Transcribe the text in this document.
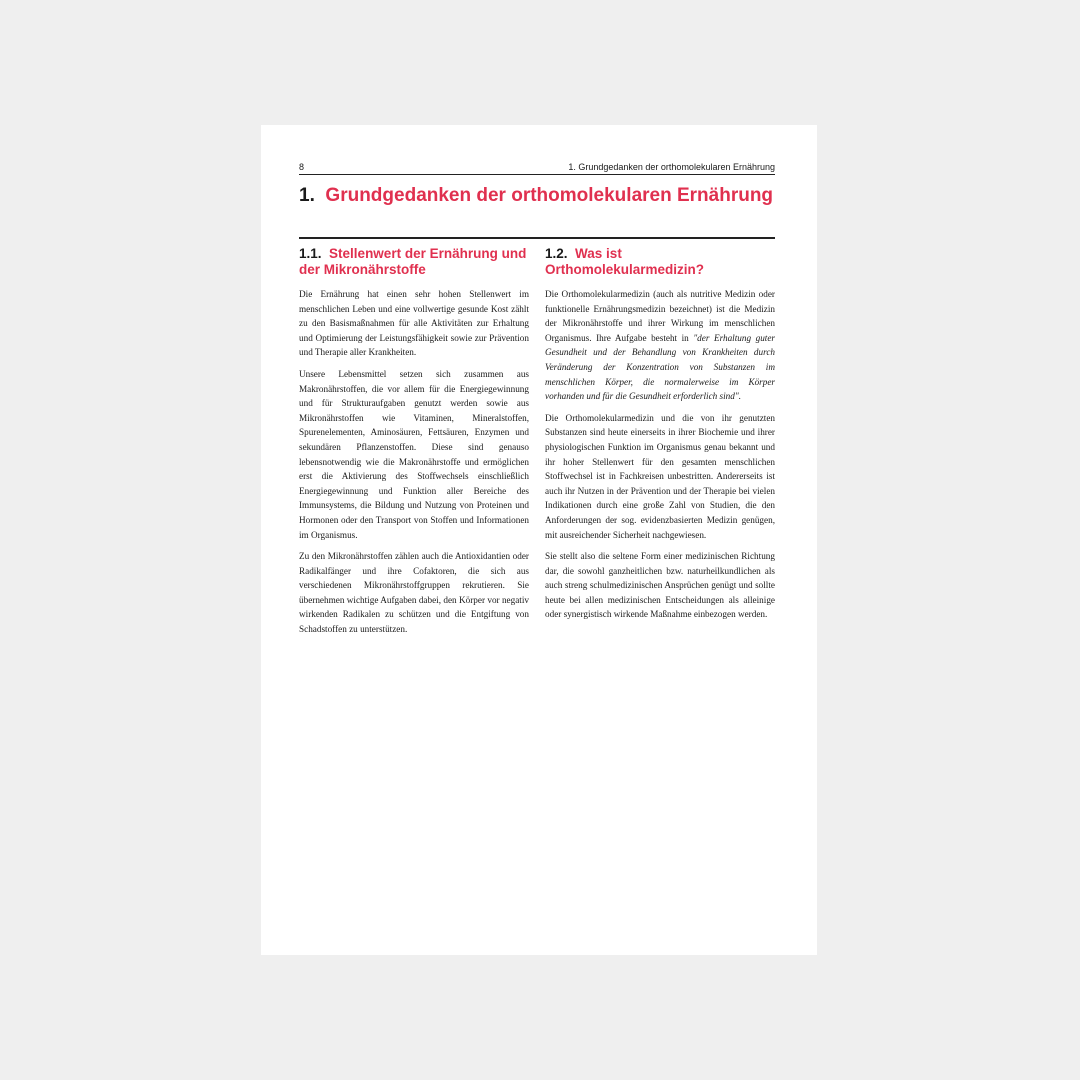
8	1. Grundgedanken der orthomolekularen Ernährung
1. Grundgedanken der orthomolekularen Ernährung
1.1. Stellenwert der Ernährung und der Mikronährstoffe

Die Ernährung hat einen sehr hohen Stellenwert im menschlichen Leben und eine vollwertige gesunde Kost zählt zu den Basismaßnahmen für alle Aktivitäten zur Erhaltung und Optimierung der Leistungsfähigkeit sowie zur Prävention und Therapie aller Krankheiten.

Unsere Lebensmittel setzen sich zusammen aus Makronährstoffen, die vor allem für die Energiegewinnung und für Strukturaufgaben genutzt werden sowie aus Mikronährstoffen wie Vitaminen, Mineralstoffen, Spurenelementen, Aminosäuren, Fettsäuren, Enzymen und sekundären Pflanzenstoffen. Diese sind genauso lebensnotwendig wie die Makronährstoffe und ermöglichen erst die Aktivierung des Stoffwechsels einschließlich Energiegewinnung und Funktion aller Bereiche des Immunsystems, die Bildung und Nutzung von Proteinen und Hormonen oder den Transport von Stoffen und Informationen im Organismus.

Zu den Mikronährstoffen zählen auch die Antioxidantien oder Radikalfänger und ihre Cofaktoren, die sich aus verschiedenen Mikronährstoffgruppen rekrutieren. Sie übernehmen wichtige Aufgaben dabei, den Körper vor negativ wirkenden Radikalen zu schützen und die Entgiftung von Schadstoffen zu unterstützen.

1.2. Was ist Orthomolekularmedizin?

Die Orthomolekularmedizin (auch als nutritive Medizin oder funktionelle Ernährungsmedizin bezeichnet) ist die Medizin der Mikronährstoffe und ihrer Wirkung im menschlichen Organismus. Ihre Aufgabe besteht in "der Erhaltung guter Gesundheit und der Behandlung von Krankheiten durch Veränderung der Konzentration von Substanzen im menschlichen Körper, die normalerweise im Körper vorhanden und für die Gesundheit erforderlich sind".

Die Orthomolekularmedizin und die von ihr genutzten Substanzen sind heute einerseits in ihrer Biochemie und ihrer physiologischen Funktion im Organismus genau bekannt und ihr hoher Stellenwert für den gesamten menschlichen Stoffwechsel ist in Fachkreisen unbestritten. Andererseits ist auch ihr Nutzen in der Prävention und der Therapie bei vielen Indikationen durch eine große Zahl von Studien, die den Anforderungen der sog. evidenzbasierten Medizin genügen, mit ausreichender Sicherheit nachgewiesen.

Sie stellt also die seltene Form einer medizinischen Richtung dar, die sowohl ganzheitlichen bzw. naturheilkundlichen als auch streng schulmedizinischen Ansprüchen genügt und sollte heute bei allen medizinischen Entscheidungen als alleinige oder synergistisch wirkende Maßnahme einbezogen werden.
